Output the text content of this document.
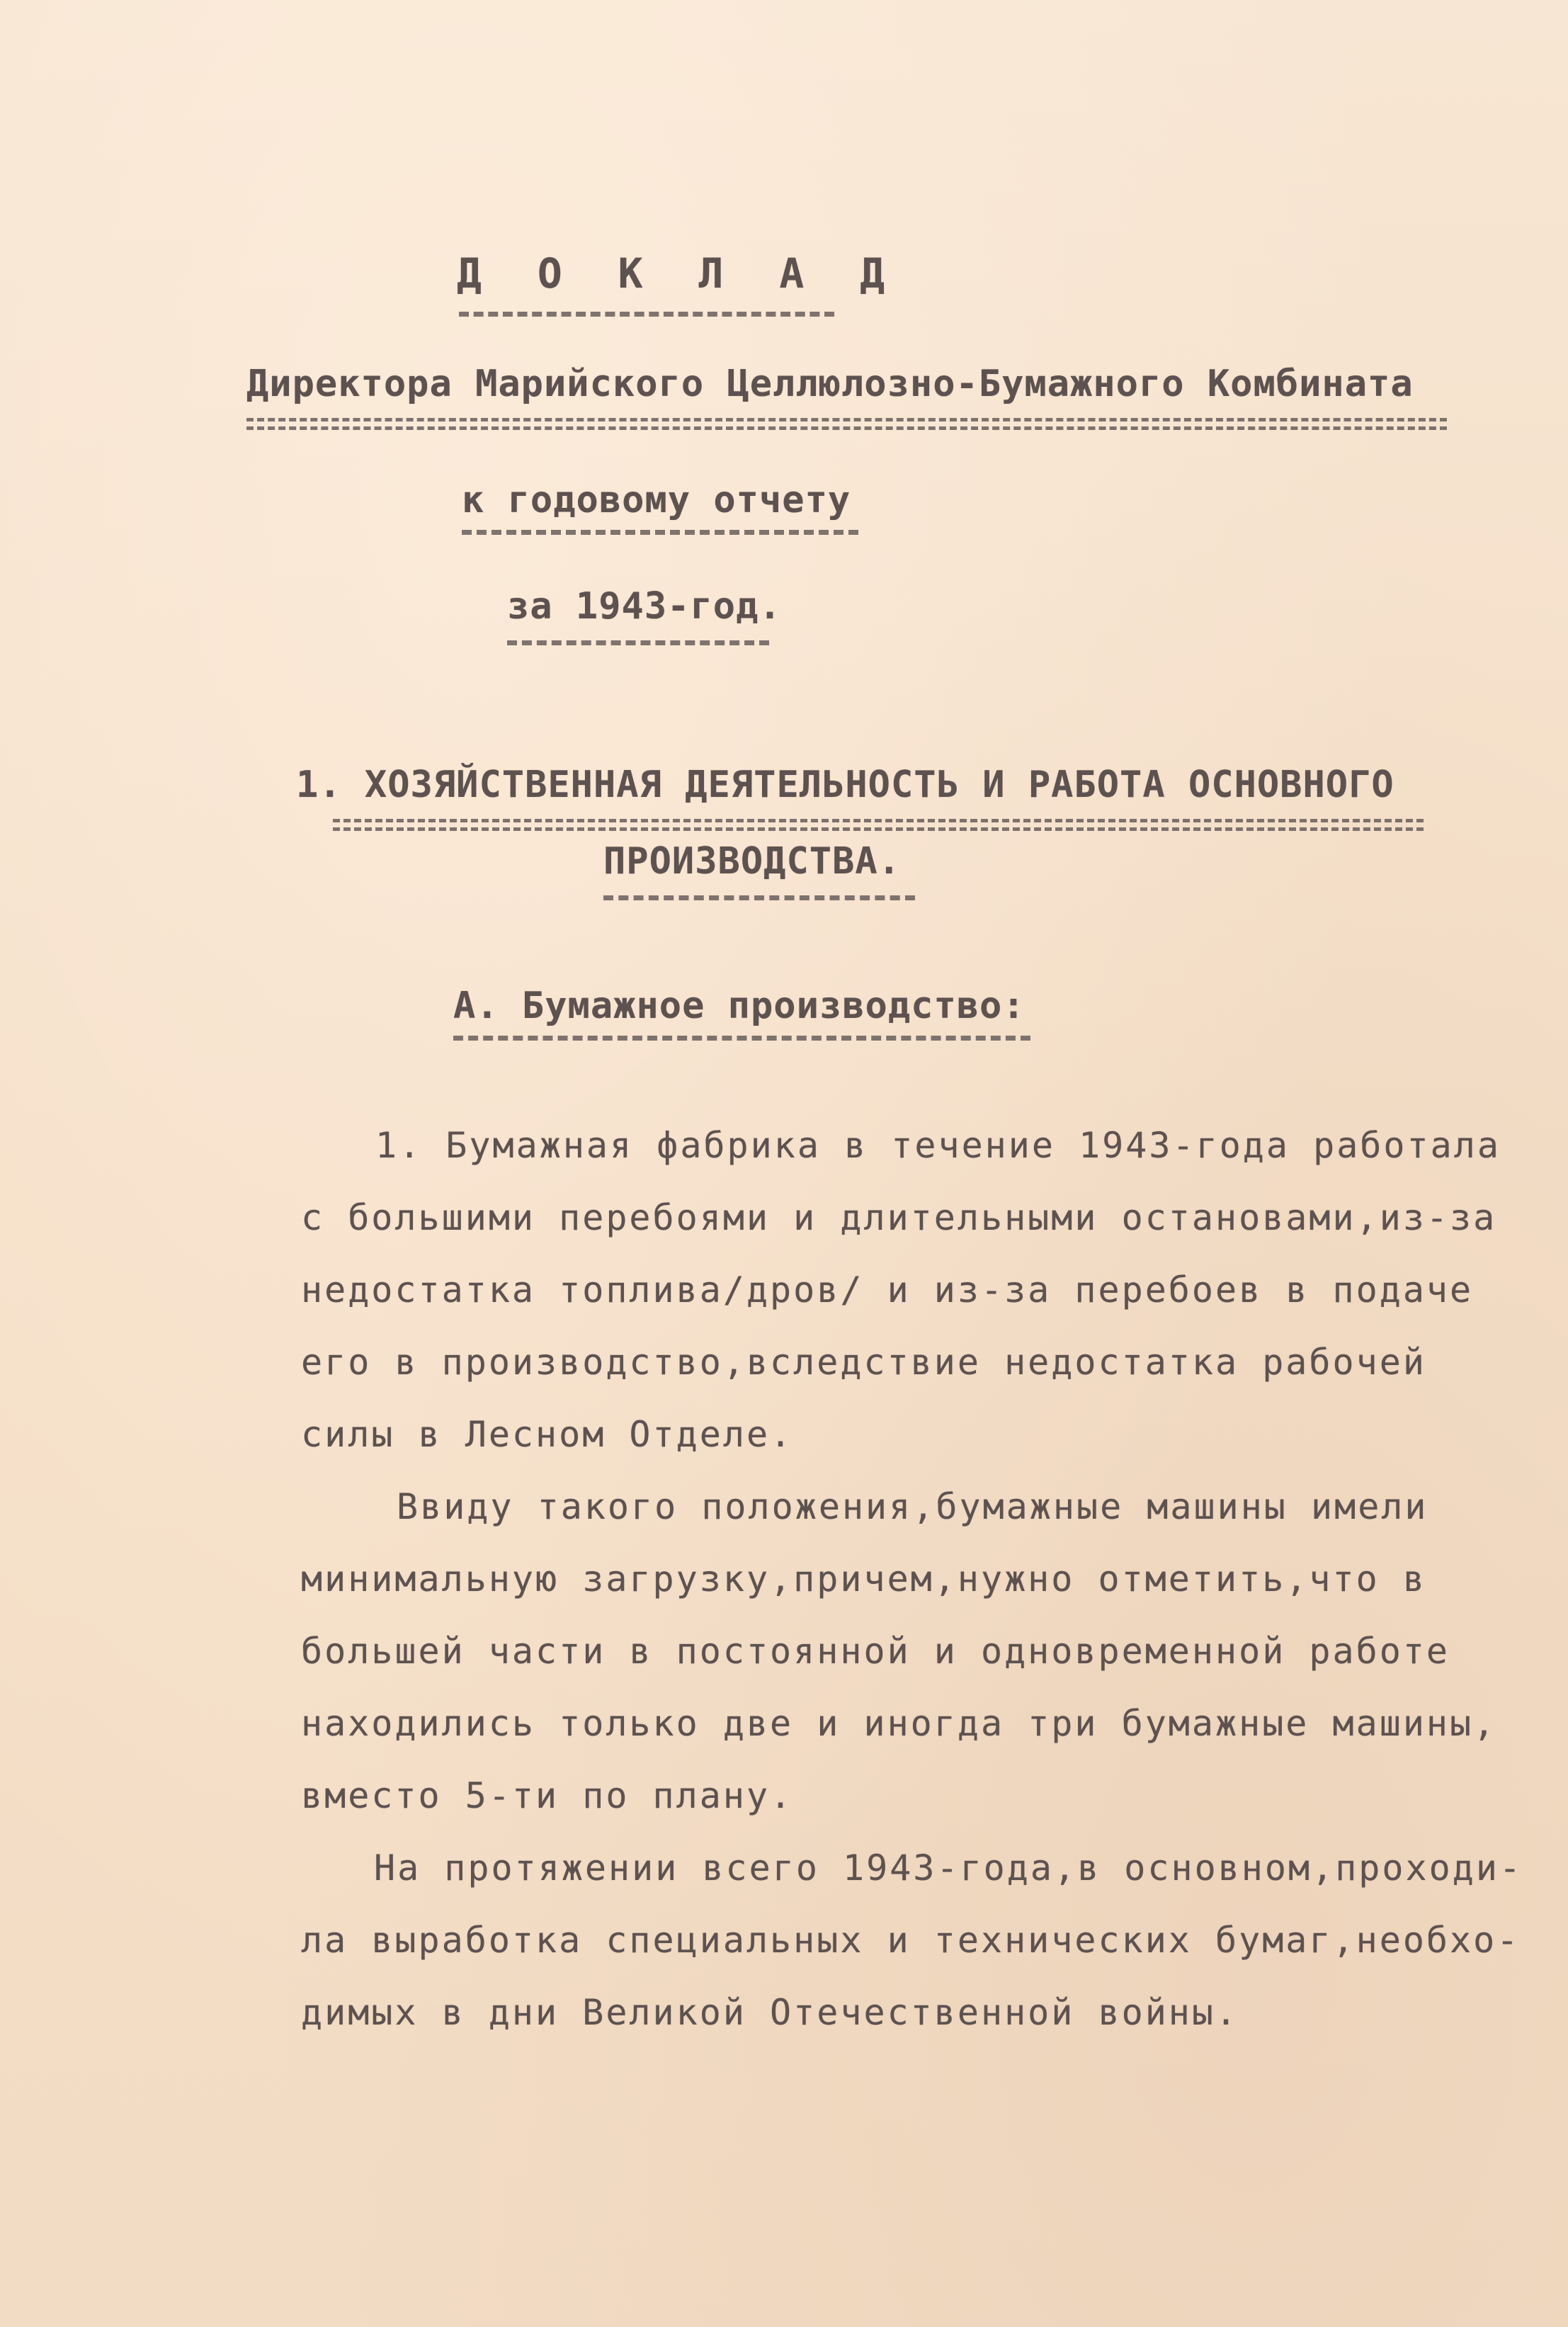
Д О К Л А Д
Директора Марийского Целлюлозно-Бумажного Комбината
к годовому отчету
за 1943-год.
1. ХОЗЯЙСТВЕННАЯ ДЕЯТЕЛЬНОСТЬ И РАБОТА ОСНОВНОГО
ПРОИЗВОДСТВА.
А. Бумажное производство:
1. Бумажная фабрика в течение 1943-года работала
с большими перебоями и длительными остановами,из-за
недостатка топлива/дров/ и из-за перебоев в подаче
его в производство,вследствие недостатка рабочей
силы в Лесном Отделе.
Ввиду такого положения,бумажные машины имели
минимальную загрузку,причем,нужно отметить,что в
большей части в постоянной и одновременной работе
находились только две и иногда три бумажные машины,
вместо 5-ти по плану.
На протяжении всего 1943-года,в основном,проходи-
ла выработка специальных и технических бумаг,необхо-
димых в дни Великой Отечественной войны.
